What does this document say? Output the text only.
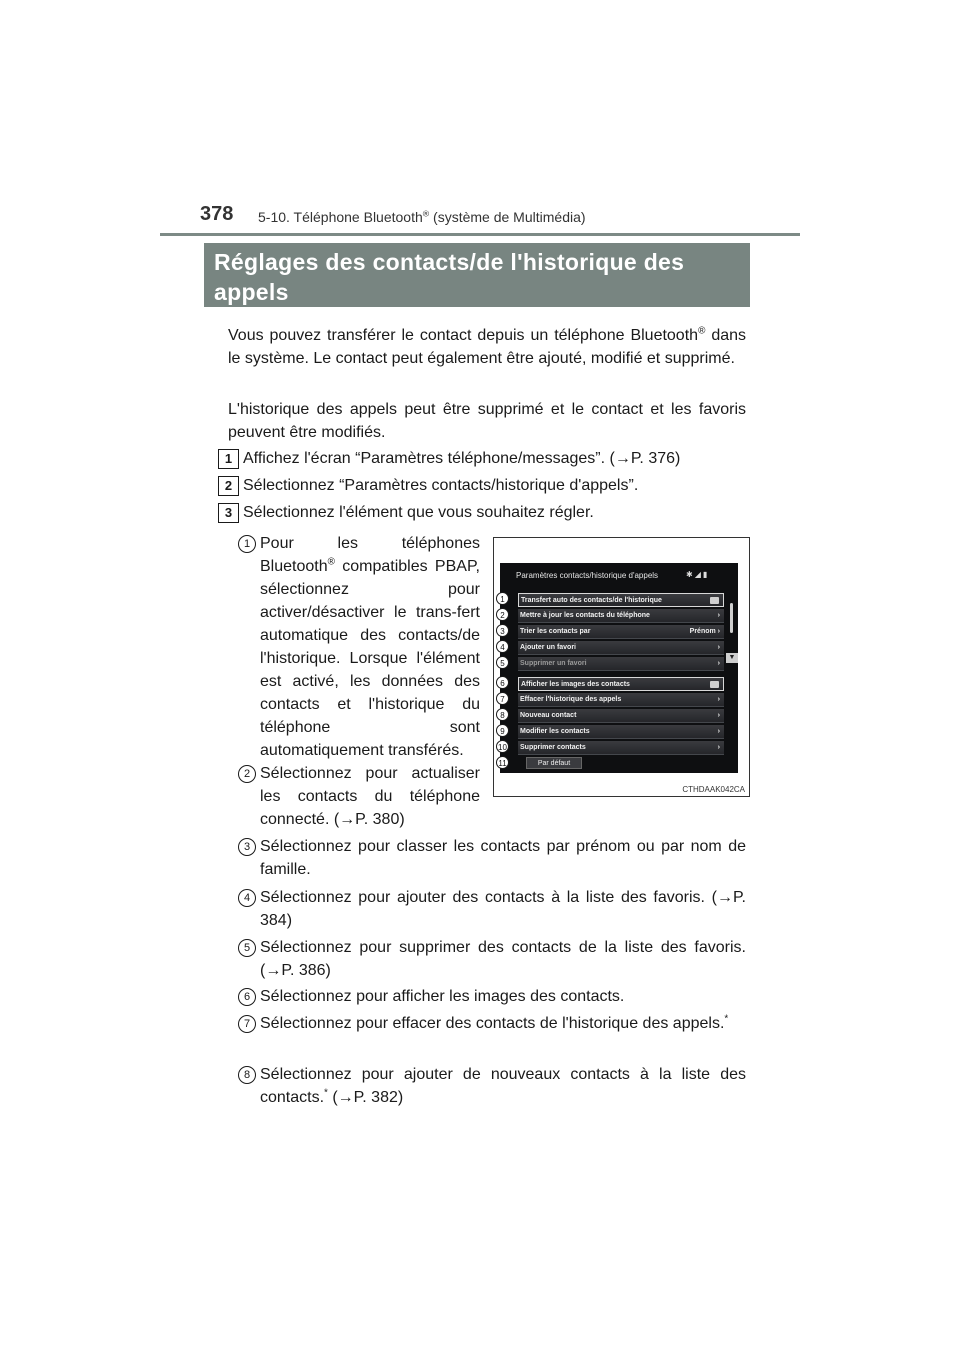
378 5-10. Téléphone Bluetooth® (système de Multimédia)
Réglages des contacts/de l'historique des appels

Vous pouvez transférer le contact depuis un téléphone Bluetooth® dans le système. Le contact peut également être ajouté, modifié et supprimé.

L'historique des appels peut être supprimé et le contact et les favoris peuvent être modifiés.

1 Affichez l'écran “Paramètres téléphone/messages”. (→P. 376)
2 Sélectionnez “Paramètres contacts/historique d'appels”.
3 Sélectionnez l'élément que vous souhaitez régler.
1 Pour les téléphones Bluetooth® compatibles PBAP, sélectionnez pour activer/désactiver le trans-fert automatique des contacts/de l'historique. Lorsque l'élément est activé, les données des contacts et l'historique du téléphone sont automatiquement transférés.

2 Sélectionnez pour actualiser les contacts du téléphone connecté. (→P. 380)

3 Sélectionnez pour classer les contacts par prénom ou par nom de famille.

4 Sélectionnez pour ajouter des contacts à la liste des favoris. (→P. 384)

5 Sélectionnez pour supprimer des contacts de la liste des favoris. (→P. 386)

6 Sélectionnez pour afficher les images des contacts.

7 Sélectionnez pour effacer des contacts de l'historique des appels.*

8 Sélectionnez pour ajouter de nouveaux contacts à la liste des contacts.* (→P. 382)

Paramètres contacts/historique d'appels	✱◢▮
Transfert auto des contacts/de l'historique
Mettre à jour les contacts du téléphone	›
Trier les contacts par	Prénom ›
Ajouter un favori	›
Supprimer un favori	›
Afficher les images des contacts
Effacer l'historique des appels	›
Nouveau contact	›
Modifier les contacts	›
Supprimer contacts	›
▼
Par défaut
1
2
3
4
5
6
7
8
9
10
11
CTHDAAK042CA
